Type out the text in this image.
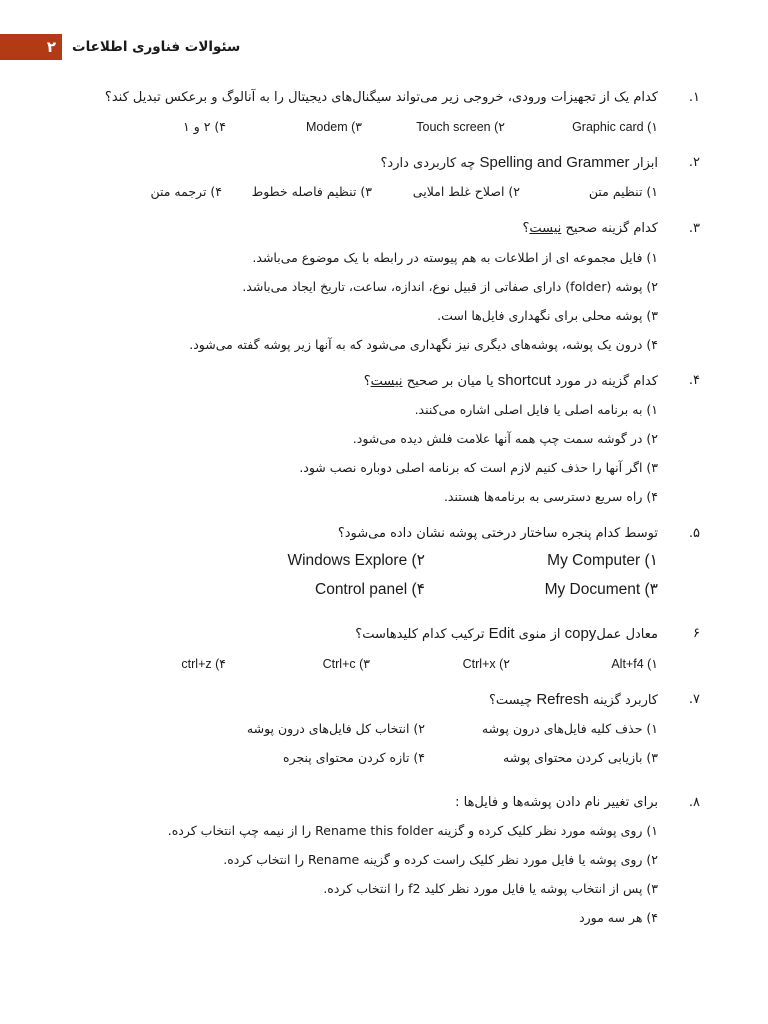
۲	سئوالات فناوری اطلاعات
۱.
کدام یک از تجهیزات ورودی، خروجی زیر می‌تواند سیگنال‌های دیجیتال را به آنالوگ و برعکس تبدیل کند؟
۱) Graphic card
۲) Touch screen
۳) Modem
۴) ۲ و ۱
۲.
ابزار Spelling and Grammer چه کاربردی دارد؟
۱) تنظیم متن
۲) اصلاح غلط املایی
۳) تنظیم فاصله خطوط
۴) ترجمه متن
۳.
کدام گزینه صحیح نیست؟
۱) فایل مجموعه ای از اطلاعات به هم پیوسته در رابطه با یک موضوع می‌باشد.
۲) پوشه (folder) دارای صفاتی از قبیل نوع، اندازه، ساعت، تاریخ ایجاد می‌باشد.
۳) پوشه محلی برای نگهداری فایل‌ها است.
۴) درون یک پوشه، پوشه‌های دیگری نیز نگهداری می‌شود که به آنها زیر پوشه گفته می‌شود.
۴.
کدام گزینه در مورد shortcut یا میان بر صحیح نیست؟
۱) به برنامه اصلی یا فایل اصلی اشاره می‌کنند.
۲) در گوشه سمت چپ همه آنها علامت فلش دیده می‌شود.
۳) اگر آنها را حذف کنیم لازم است که برنامه اصلی دوباره نصب شود.
۴) راه سریع دسترسی به برنامه‌ها هستند.
۵.
توسط کدام پنجره ساختار درختی پوشه نشان داده می‌شود؟
۱) My Computer
۲) Windows Explore
۳) My Document
۴) Control panel
۶
معادل عملcopy از منوی Edit ترکیب کدام کلیدهاست؟
۱) Alt+f4
۲) Ctrl+x
۳) Ctrl+c
۴) ctrl+z
۷.
کاربرد گزینه Refresh چیست؟
۱) حذف کلیه فایل‌های درون پوشه
۲) انتخاب کل فایل‌های درون پوشه
۳) بازیابی کردن محتوای پوشه
۴) تازه کردن محتوای پنجره
۸.
برای تغییر نام دادن پوشه‌ها و فایل‌ها :
۱) روی پوشه مورد نظر کلیک کرده و گزینه Rename this folder را از نیمه چپ انتخاب کرده.
۲) روی پوشه یا فایل مورد نظر کلیک راست کرده و گزینه Rename را انتخاب کرده.
۳) پس از انتخاب پوشه یا فایل مورد نظر کلید f2 را انتخاب کرده.
۴) هر سه مورد
